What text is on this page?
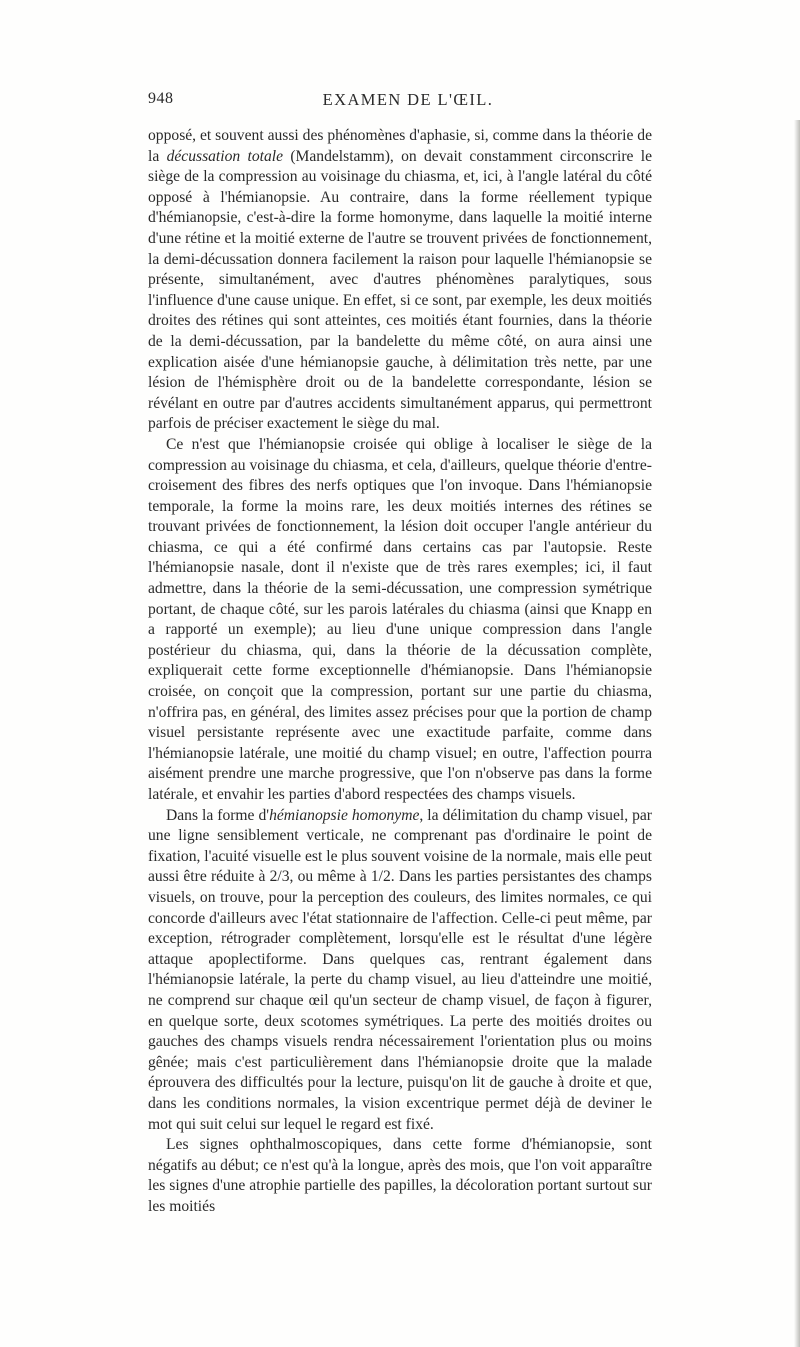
948	EXAMEN DE L'ŒIL.

opposé, et souvent aussi des phénomènes d'aphasie, si, comme dans la théorie de la décussation totale (Mandelstamm), on devait constamment circonscrire le siège de la compression au voisinage du chiasma, et, ici, à l'angle latéral du côté opposé à l'hémianopsie. Au contraire, dans la forme réellement typique d'hémianopsie, c'est-à-dire la forme homonyme, dans laquelle la moitié interne d'une rétine et la moitié externe de l'autre se trouvent privées de fonctionnement, la demi-décussation donnera facilement la raison pour laquelle l'hémianopsie se présente, simultanément, avec d'autres phénomènes paralytiques, sous l'influence d'une cause unique. En effet, si ce sont, par exemple, les deux moitiés droites des rétines qui sont atteintes, ces moitiés étant fournies, dans la théorie de la demi-décussation, par la bandelette du même côté, on aura ainsi une explication aisée d'une hémianopsie gauche, à délimitation très nette, par une lésion de l'hémisphère droit ou de la bandelette correspondante, lésion se révélant en outre par d'autres accidents simultanément apparus, qui permettront parfois de préciser exactement le siège du mal.

Ce n'est que l'hémianopsie croisée qui oblige à localiser le siège de la compression au voisinage du chiasma, et cela, d'ailleurs, quelque théorie d'entre-croisement des fibres des nerfs optiques que l'on invoque. Dans l'hémianopsie temporale, la forme la moins rare, les deux moitiés internes des rétines se trouvant privées de fonctionnement, la lésion doit occuper l'angle antérieur du chiasma, ce qui a été confirmé dans certains cas par l'autopsie. Reste l'hémianopsie nasale, dont il n'existe que de très rares exemples; ici, il faut admettre, dans la théorie de la semi-décussation, une compression symétrique portant, de chaque côté, sur les parois latérales du chiasma (ainsi que Knapp en a rapporté un exemple); au lieu d'une unique compression dans l'angle postérieur du chiasma, qui, dans la théorie de la décussation complète, expliquerait cette forme exceptionnelle d'hémianopsie. Dans l'hémianopsie croisée, on conçoit que la compression, portant sur une partie du chiasma, n'offrira pas, en général, des limites assez précises pour que la portion de champ visuel persistante représente avec une exactitude parfaite, comme dans l'hémianopsie latérale, une moitié du champ visuel; en outre, l'affection pourra aisément prendre une marche progressive, que l'on n'observe pas dans la forme latérale, et envahir les parties d'abord respectées des champs visuels.

Dans la forme d'hémianopsie homonyme, la délimitation du champ visuel, par une ligne sensiblement verticale, ne comprenant pas d'ordinaire le point de fixation, l'acuité visuelle est le plus souvent voisine de la normale, mais elle peut aussi être réduite à 2/3, ou même à 1/2. Dans les parties persistantes des champs visuels, on trouve, pour la perception des couleurs, des limites normales, ce qui concorde d'ailleurs avec l'état stationnaire de l'affection. Celle-ci peut même, par exception, rétrograder complètement, lorsqu'elle est le résultat d'une légère attaque apoplectiforme. Dans quelques cas, rentrant également dans l'hémianopsie latérale, la perte du champ visuel, au lieu d'atteindre une moitié, ne comprend sur chaque œil qu'un secteur de champ visuel, de façon à figurer, en quelque sorte, deux scotomes symétriques. La perte des moitiés droites ou gauches des champs visuels rendra nécessairement l'orientation plus ou moins gênée; mais c'est particulièrement dans l'hémianopsie droite que la malade éprouvera des difficultés pour la lecture, puisqu'on lit de gauche à droite et que, dans les conditions normales, la vision excentrique permet déjà de deviner le mot qui suit celui sur lequel le regard est fixé.

Les signes ophthalmoscopiques, dans cette forme d'hémianopsie, sont négatifs au début; ce n'est qu'à la longue, après des mois, que l'on voit apparaître les signes d'une atrophie partielle des papilles, la décoloration portant surtout sur les moitiés
